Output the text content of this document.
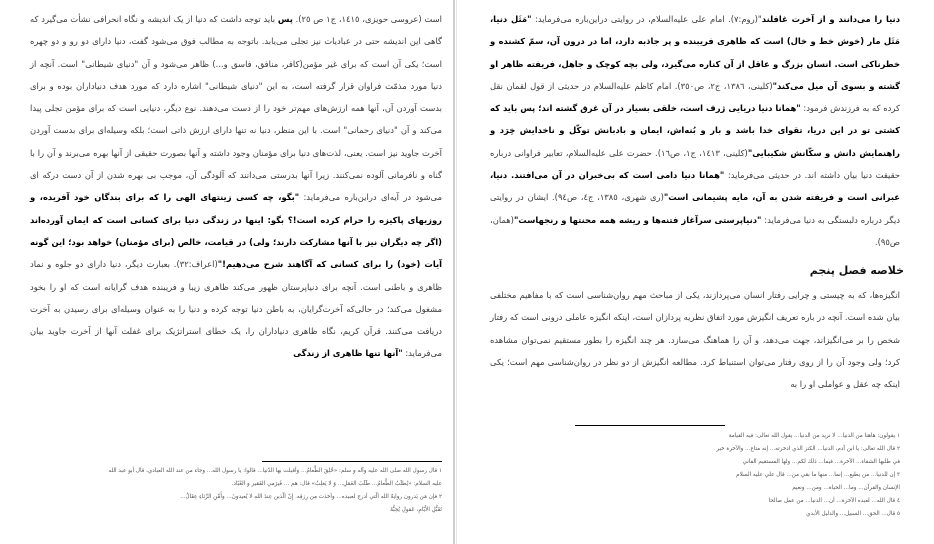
است (عروسی حویزی، ۱٤۱٥، ج۱ ص ۲٥). پس باید توجه داشت که دنیا از یک اندیشه و نگاه انحرافی نشأت می‌گیرد که گاهی این اندیشه حتی در عبادیات نیز تجلی می‌یابد. باتوجه به مطالب فوق می‌شود گفت، دنیا دارای دو رو و دو چهره است؛ یکی آن است که برای غیر مؤمن(کافر، منافق، فاسق و...) ظاهر می‌شود و آن "دنیای شیطانی" است. آنچه از دنیا مورد مذمّت فراوان قرار گرفته است، به این "دنیای شیطانی" اشاره دارد که مورد هدف دنیاداران بوده و برای بدست آوردن آن، آنها همه ارزش‌های مهم‌تر خود را از دست می‌دهند. نوع دیگر، دنیایی است که برای مؤمن تجلی پیدا می‌کند و آن "دنیای رحمانی" است. با این منظر، دنیا نه تنها دارای ارزش ذاتی است؛ بلکه وسیله‌ای برای بدست آوردن آخرت جاوید نیز است. یعنی، لذت‌های دنیا برای مؤمنان وجود داشته و آنها بصورت حقیقی از آنها بهره می‌برند و آن را با گناه و نافرمانی آلوده نمی‌کنند. زیرا آنها بدرستی می‌دانند که آلودگی آن، موجب بی بهره شدن از آن دست درکه ای می‌شود در آیه‌ای دراین‌باره می‌فرماید: "بگو، چه کسی زینتهای الهی را که برای بندگان خود آفریده، و روزیهای پاکیزه را حرام کرده است!؟ بگو: اینها در زندگی دنیا برای کسانی است که ایمان آورده‌اند (اگر چه دیگران نیز با آنها مشارکت دارند؛ ولی) در قیامت، خالص (برای مؤمنان) خواهد بود؛ این گونه آیات (خود) را برای کسانی که آگاهند شرح می‌دهیم!"(اعراف:۳۲). بعبارت دیگر، دنیا دارای دو جلوه و نماد ظاهری و باطنی است. آنچه برای دنیاپرستان ظهور می‌کند ظاهری زیبا و فریبنده هدف گرایانه است که او را بخود مشغول می‌کند؛ در حالی‌که آخرت‌گرایان، به باطن دنیا توجه کرده و دنیا را به عنوان وسیله‌ای برای رسیدن به آخرت دریافت می‌کنند. قرآن کریم، نگاه ظاهری دنیاداران را، یک خطای استراتژیک برای غفلت آنها از آخرت جاوید بیان می‌فرماید: "آنها تنها ظاهری از زندگی
١ قال رسول الله صلى الله عليه وآله و سلم: «خُلِقَ الطَّعامُ... وأقبلت بها الدّنيا... قالوا: يا رسول الله... وجاء من عند الله العبادي، قال أبو عبد الله
عليه السلام: «يُطلَبُ الطَّعامُ... طَلَبَ العَمَلِ... وَ لا يَغلِبُ» قال: هم ... فَيرَمي الفَقير و العُبّاد.
٢ فإن مَن يَدرون روايةً الله الّتي أدرج لعبيده... وأخذت مِن رِزقِه. إِنّ الّذين عِندَ اللهِ لا يُعيدونَ... وأَمِّنِ الرِّئاءِ عِقَالُ...
تَقَبُّلِ الأَيّامِ، عَقولِ يُحِبُّهُ
دنیا را می‌دانند و از آخرت غافلند"(روم:۷). امام علی علیه‌السلام، در روایتی دراین‌باره می‌فرماید: "مَثَل دنیا، مَثَل مار (خوش خط و خال) است که ظاهری فریبنده و پر جاذبه دارد، اما در درون آن، سمّ کشنده و خطرناکی است. انسان بزرگ و عاقل از آن کناره می‌گیرد، ولی بچه کوچک و جاهل، فریفته ظاهر او گشته و بسوی آن میل می‌کند"(کلینی، ۱۳۸٦، ج۲، ص۳٥۰). امام کاظم علیه‌السلام در حدیثی از قول لقمان نقل کرده که به فرزندش فرمود: "همانا دنیا دریایی ژرف است، خلقی بسیار در آن غرق گشته اند؛ پس باید که کشتی تو در این دریا، تقوای خدا باشد و بار و بُنه‌اش، ایمان و بادبانش توکّل و ناخدایش خِرَد و راهنمایش دانش و سکّانش شکیبایی"(کلینی، ۱٤۱۳، ج۱، ص۱٦). حضرت علی علیه‌السلام، تعابیر فراوانی درباره حقیقت دنیا بیان داشته اند. در حدیثی می‌فرماید: "همانا دنیا دامی است که بی‌خبران در آن می‌افتند. دنیا، عبرانی است و فریفته شدن به آن، مایه پشیمانی است"(ری شهری، ۱۳۸٥، ج٤، ص٩٤). ایشان در روایتی دیگر درباره دلبستگی به دنیا می‌فرماید: "دنیاپرستی سرآغاز فتنه‌ها و ریشه همه محنتها و رنجهاست"(همان، ص٩٥).
خلاصه فصل پنجم
انگیزه‌ها، که به چیستی و چرایی رفتار انسان می‌پردازند، یکی از مباحث مهم روان‌شناسی است که با مفاهیم مختلفی بیان شده است. آنچه در باره تعریف انگیزش مورد اتفاق نظریه پردازان است، اینکه انگیزه عاملی درونی است که رفتار شخص را بر می‌انگیزاند، جهت می‌دهد، و آن را هماهنگ می‌سازد. هر چند انگیزه را بطور مستقیم نمی‌توان مشاهده کرد؛ ولی وجود آن را از روی رفتار می‌توان استنباط کرد. مطالعه انگیزش از دو نظر در روان‌شناسی مهم است؛ یکی اینکه چه عقل و عواملی او را به
١ يقولون: هاهنا من الدنيا... لا نريد من الدنيا... يقول الله تعالى: فيه القيامة
٢ قال الله تعالى: يا ابن آدم، الدنيا... الكنز الذي ادخرته... إنه متاع... والآخرة خير
في طلبها الشقاء... الآخرة... فيما... ذلك لكم... ولها المستقيم الفاني
٣ إن للدنيا... من يطيع... إنما... منها ما بقي من... قال علي عليه السلام
الإنسان والقرآن... وما... الحياة... ومن... ونعيم
٤ قال الله... لعبده الآخرة... أن... الدنيا... من عمل صالحا
٥ قال... الحق... السبيل... والدليل الأبدي
